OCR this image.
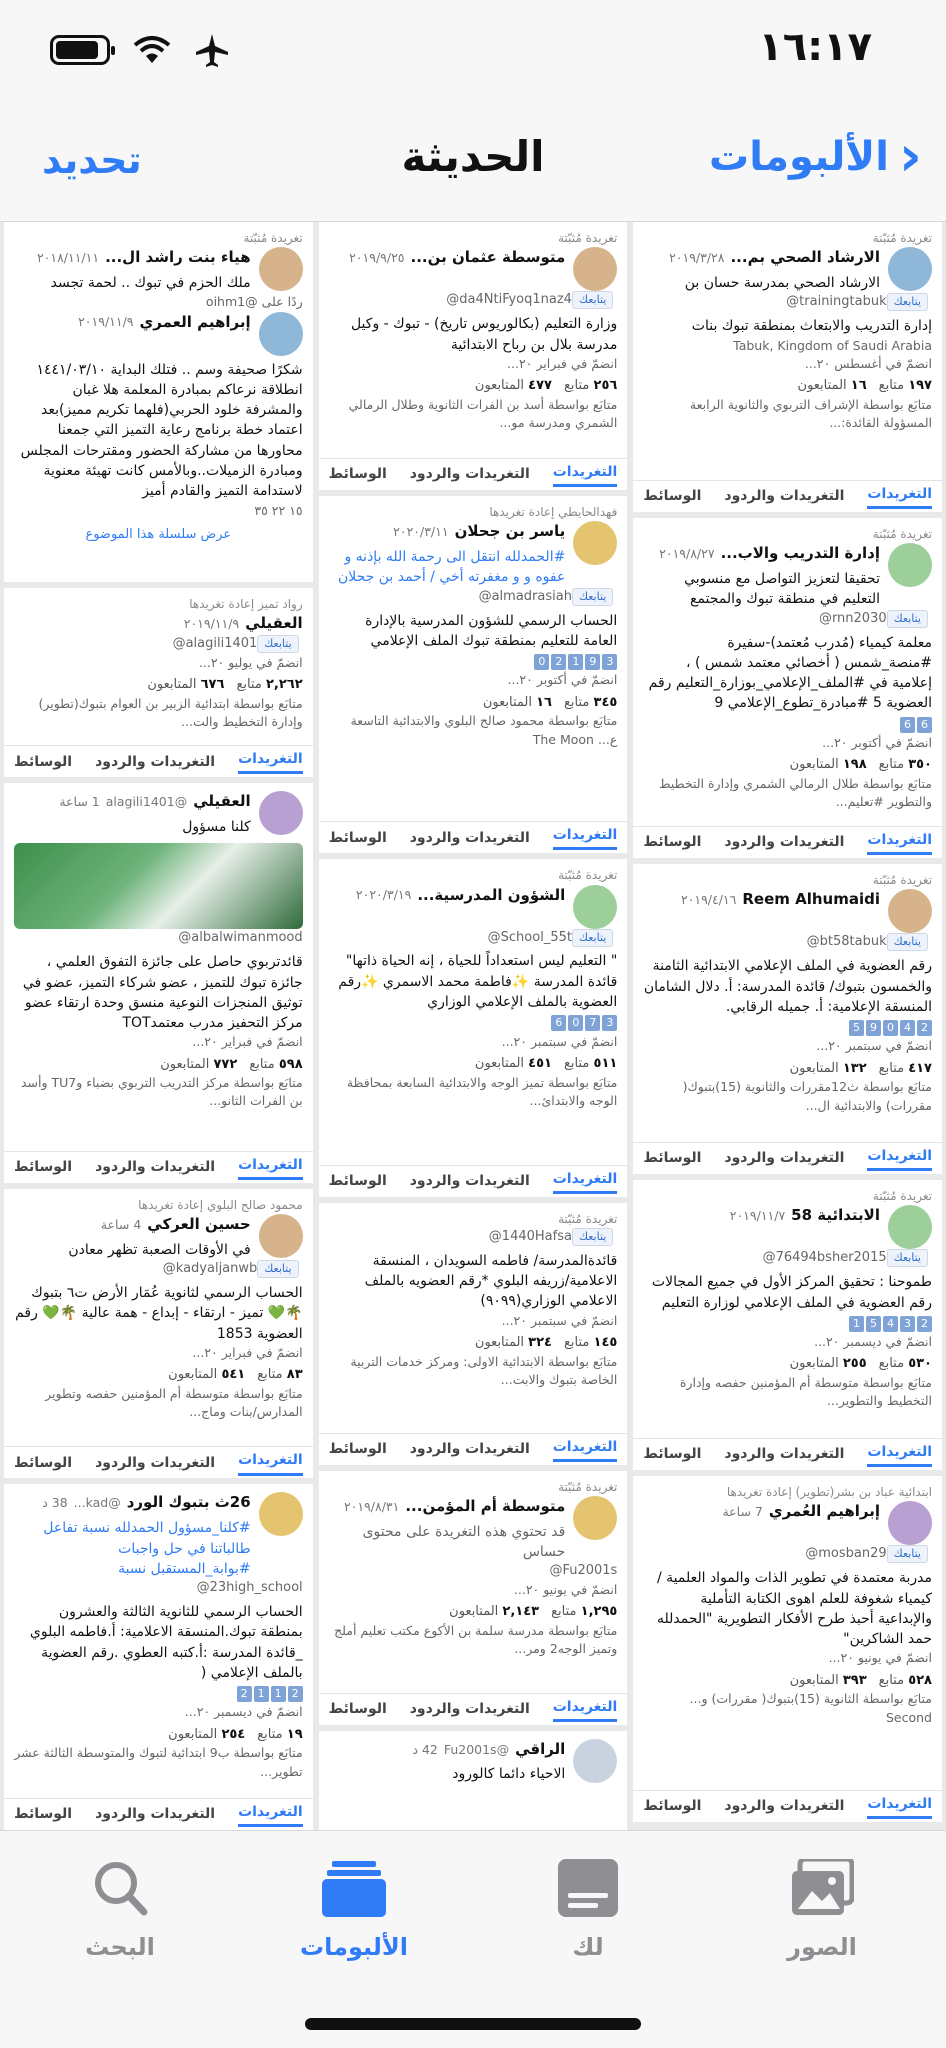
١٦:١٧
الألبومات ›
الحديثة
تحديد
تغريدة مُثبّتة
الارشاد الصحي بم...
٢٠١٩/٣/٢٨
الارشاد الصحي بمدرسة حسان بن
@trainingtabuk يتابعك
إدارة التدريب والابتعاث بمنطقة تبوك بنات
Tabuk, Kingdom of Saudi Arabia
انضمّ في أغسطس ٢٠...
١٩٧ متابع
١٦ المتابعون
متابَع بواسطة الإشراف التربوي والثانوية الرابعة المسؤولة القائدة:...
التغريدات
التغريدات والردود
الوسائط
تغريدة مُثبّتة
إدارة التدريب والاب...
٢٠١٩/٨/٢٧
تحقيقا لتعزيز التواصل مع منسوبي التعليم في منطقة تبوك والمجتمع
@rnn2030 يتابعك
معلمة كيمياء (مُدرب مُعتمد)-سفيرة #منصة_شمس ( أخصائي معتمد شمس ) ، إعلامية في #الملف_الإعلامي_بوزارة_التعليم رقم العضوية 5 #مبادرة_تطوع_الإعلامي 9
6
6
انضمّ في أكتوبر ٢٠...
٣٥٠ متابع
١٩٨ المتابعون
متابَع بواسطة طلال الرمالي الشمري وإدارة التخطيط والتطوير #تعليم...
التغريدات
التغريدات والردود
الوسائط
تغريدة مُثبّتة
Reem Alhumaidi
٢٠١٩/٤/١٦
@bt58tabuk يتابعك
رقم العضوية في الملف الإعلامي الابتدائية الثامنة والخمسون بتبوك/ قائدة المدرسة: أ. دلال الشامان المنسقة الإعلامية: أ. جميله الرقابي.
2
4
0
9
5
انضمّ في سبتمبر ٢٠...
٤١٧ متابع
١٣٢ المتابعون
متابَع بواسطة ث12مقررات والثانوية (15)بتبوك( مقررات) والابتدائية ال...
التغريدات
التغريدات والردود
الوسائط
تغريدة مُثبّتة
الابتدائية 58
٢٠١٩/١١/٧
@76494bsher2015 يتابعك
طموحنا : تحقيق المركز الأول في جميع المجالات رقم العضوية في الملف الإعلامي لوزارة التعليم
2
3
4
5
1
انضمّ في ديسمبر ٢٠...
٥٣٠ متابع
٢٥٥ المتابعون
متابَع بواسطة متوسطة أم المؤمنين حفصه وإدارة التخطيط والتطوير...
التغريدات
التغريدات والردود
الوسائط
ابتدائية عباد بن بشر(تطوير) إعادة تغريدها
إبراهيم العُمري
7 ساعة
@mosban29 يتابعك
مدربة معتمدة في تطوير الذات والمواد العلمية / كيمياء شغوفة للعلم اهوى الكتابة التأملية والإبداعية أحبذ طرح الأفكار التطويرية "الحمدلله حمد الشاكرين"
انضمّ في يونيو ٢٠...
٥٢٨ متابع
٣٩٣ المتابعون
متابَع بواسطة الثانوية (15)بتبوك( مقررات) و... Second
التغريدات
التغريدات والردود
الوسائط
تغريدة مُثبّتة
متوسطة عثمان بن...
٢٠١٩/٩/٢٥
@da4NtiFyoq1naz4 يتابعك
وزارة التعليم (بكالوريوس تاريخ) - تبوك - وكيل مدرسة بلال بن رباح الابتدائية
انضمّ في فبراير ٢٠...
٢٥٦ متابع
٤٧٧ المتابعون
متابَع بواسطة أسد بن الفرات الثانوية وطلال الرمالي الشمري ومدرسة مو...
التغريدات
التغريدات والردود
الوسائط
فهدالحايطي إعادة تغريدها
ياسر بن جحلان
٢٠٢٠/٣/١١
#الحمدلله انتقل الى رحمة الله بإذنه و عفوه و و مغفرته أخي / أحمد بن جحلان
@almadrasiah يتابعك
الحساب الرسمي للشؤون المدرسية بالإدارة العامة للتعليم بمنطقة تبوك الملف الإعلامي
3
9
1
2
0
انضمّ في أكتوبر ٢٠...
٣٤٥ متابع
١٦ المتابعون
متابَع بواسطة محمود صالح البلوي والابتدائية التاسعة ع... The Moon
التغريدات
التغريدات والردود
الوسائط
تغريدة مُثبّتة
الشؤون المدرسية...
٢٠٢٠/٣/١٩
@School_55t يتابعك
" التعليم ليس استعداداً للحياة ، إنه الحياة ذاتها" قائدة المدرسة ✨فاطمة محمد الاسمري ✨رقم العضوية بالملف الإعلامي الوزاري
3
7
0
6
انضمّ في سبتمبر ٢٠...
٥١١ متابع
٤٥١ المتابعون
متابَع بواسطة تميز الوجه والابتدائية السابعة بمحافظة الوجه والابتدائ...
التغريدات
التغريدات والردود
الوسائط
تغريدة مُثبّتة
@1440Hafsa يتابعك
قائدةالمدرسة/ فاطمه السويدان ، المنسقة الاعلامية/زريفه البلوي *رقم العضويه بالملف الاعلامي الوزاري(٩٠٩٩)
انضمّ في سبتمبر ٢٠...
١٤٥ متابع
٣٢٤ المتابعون
متابَع بواسطة الابتدائية الاولى: ومركز خدمات التربية الخاصة بتبوك والابت...
التغريدات
التغريدات والردود
الوسائط
تغريدة مُثبّتة
متوسطة أم المؤمن...
٢٠١٩/٨/٣١
قد تحتوي هذه التغريدة على محتوى حساس
@Fu2001s
انضمّ في يونيو ٢٠...
١,٢٩٥ متابع
٢,١٤٣ المتابعون
متابَع بواسطة مدرسة سلمة بن الأكوع مكتب تعليم أملج وتميز الوجه2 ومر...
التغريدات
التغريدات والردود
الوسائط
الراقي
@Fu2001s
42 د
الاحياء دائما كالورود
تغريدة مُثبّتة
هياء بنت راشد ال...
٢٠١٨/١١/١١
ملك الحزم في تبوك .. لحمة تجسد
ردًا على @oihm1
إبراهيم العمري
٢٠١٩/١١/٩
شكرًا صحيفة وسم .. فتلك البداية ١٤٤١/٠٣/١٠ انطلاقة نرعاكم بمبادرة المعلمة هلا غبان والمشرفة خلود الحربي(فلهما تكريم مميز)بعد اعتماد خطة برنامج رعاية التميز التي جمعنا محاورها من مشاركة الحضور ومقترحات المجلس ومبادرة الزميلات..وبالأمس كانت تهيئة معنوية لاستدامة التميز والقادم أميز
١٥ ٢٢ ٣٥
عرض سلسلة هذا الموضوع
رواد تميز إعادة تغريدها
العقيلي
٢٠١٩/١١/٩
@alagili1401 يتابعك
انضمّ في يوليو ٢٠...
٢,٢٦٢ متابع
٦٧٦ المتابعون
متابَع بواسطة ابتدائية الزبير بن العوام بتبوك(تطوير) وإدارة التخطيط والت...
التغريدات
التغريدات والردود
الوسائط
العقيلي
@alagili1401
1 ساعة
كلنا مسؤول
@albalwimanmood
قائدتربوي حاصل على جائزة التفوق العلمي ، جائزة تبوك للتميز ، عضو شركاء التميز، عضو في توثيق المنجزات النوعية منسق وحدة ارتقاء عضو مركز التحفيز مدرب معتمدTOT
انضمّ في فبراير ٢٠...
٥٩٨ متابع
٧٧٢ المتابعون
متابَع بواسطة مركز التدريب التربوي بضباء وTU7 وأسد بن الفرات الثانو...
التغريدات
التغريدات والردود
الوسائط
محمود صالح البلوي إعادة تغريدها
حسين العركي
4 ساعة
في الأوقات الصعبة تظهر معادن
@kadyaljanwb يتابعك
الحساب الرسمي لثانوية عُمَار الأرض ت٦ بتبوك 🌴💚 تميز - ارتقاء - إبداع - همة عالية 🌴💚 رقم العضوية 1853
انضمّ في فبراير ٢٠...
٨٣ متابع
٥٤١ المتابعون
متابَع بواسطة متوسطة أم المؤمنين حفصه وتطوير المدارس/بنات وماج...
التغريدات
التغريدات والردود
الوسائط
26ث بتبوك الورد
@kad...
38 د
#كلنا_مسؤول الحمدلله نسبة تفاعل طالباتنا في حل واجبات #بوابة_المستقبل نسبة
@23high_school
الحساب الرسمي للثانوية الثالثة والعشرون بمنطقة تبوك.المنسقة الاعلامية: أ.فاطمه البلوي _قائدة المدرسة :أ.كتبه العطوي .رقم العضوية بالملف الإعلامي (
2
1
1
2
انضمّ في ديسمبر ٢٠...
١٩ متابع
٢٥٤ المتابعون
متابَع بواسطة ب9 ابتدائية لتبوك والمتوسطة الثالثة عشر تطوير...
التغريدات
التغريدات والردود
الوسائط
البحث	الألبومات	لك	الصور
